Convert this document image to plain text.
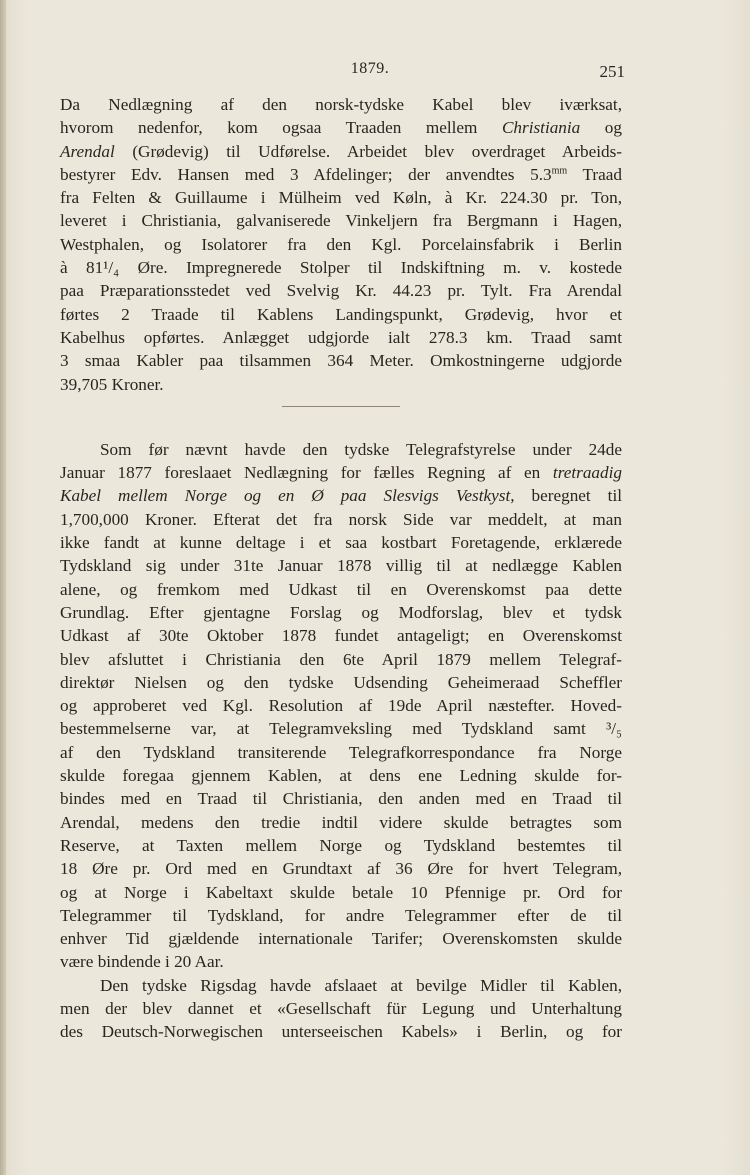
1879.	251
Da Nedlægning af den norsk-tydske Kabel blev iværksat,
hvorom nedenfor, kom ogsaa Traaden mellem Christiania og
Arendal (Grødevig) til Udførelse. Arbeidet blev overdraget Arbeids-
bestyrer Edv. Hansen med 3 Afdelinger; der anvendtes $5.3^{mm}$ Traad
fra Felten & Guillaume i Mülheim ved Køln, à Kr. 224.30 pr. Ton,
leveret i Christiania, galvaniserede Vinkeljern fra Bergmann i Hagen,
Westphalen, og Isolatorer fra den Kgl. Porcelainsfabrik i Berlin
à 81¹/₄ Øre. Impregnerede Stolper til Indskiftning m. v. kostede
paa Præparationsstedet ved Svelvig Kr. 44.23 pr. Tylt. Fra Arendal
førtes 2 Traade til Kablens Landingspunkt, Grødevig, hvor et
Kabelhus opførtes. Anlægget udgjorde ialt 278.3 km. Traad samt
3 smaa Kabler paa tilsammen 364 Meter. Omkostningerne udgjorde
39,705 Kroner.
Som før nævnt havde den tydske Telegrafstyrelse under 24de
Januar 1877 foreslaaet Nedlægning for fælles Regning af en tretraadig
Kabel mellem Norge og en Ø paa Slesvigs Vestkyst, beregnet til
1,700,000 Kroner. Efterat det fra norsk Side var meddelt, at man
ikke fandt at kunne deltage i et saa kostbart Foretagende, erklærede
Tydskland sig under 31te Januar 1878 villig til at nedlægge Kablen
alene, og fremkom med Udkast til en Overenskomst paa dette
Grundlag. Efter gjentagne Forslag og Modforslag, blev et tydsk
Udkast af 30te Oktober 1878 fundet antageligt; en Overenskomst
blev afsluttet i Christiania den 6te April 1879 mellem Telegraf-
direktør Nielsen og den tydske Udsending Geheimeraad Scheffler
og approberet ved Kgl. Resolution af 19de April næstefter. Hoved-
bestemmelserne var, at Telegramveksling med Tydskland samt ³/₅
af den Tydskland transiterende Telegrafkorrespondance fra Norge
skulde foregaa gjennem Kablen, at dens ene Ledning skulde for-
bindes med en Traad til Christiania, den anden med en Traad til
Arendal, medens den tredie indtil videre skulde betragtes som
Reserve, at Taxten mellem Norge og Tydskland bestemtes til
18 Øre pr. Ord med en Grundtaxt af 36 Øre for hvert Telegram,
og at Norge i Kabeltaxt skulde betale 10 Pfennige pr. Ord for
Telegrammer til Tydskland, for andre Telegrammer efter de til
enhver Tid gjældende internationale Tarifer; Overenskomsten skulde
være bindende i 20 Aar.
Den tydske Rigsdag havde afslaaet at bevilge Midler til Kablen,
men der blev dannet et «Gesellschaft für Legung und Unterhaltung
des Deutsch-Norwegischen unterseeischen Kabels» i Berlin, og for
